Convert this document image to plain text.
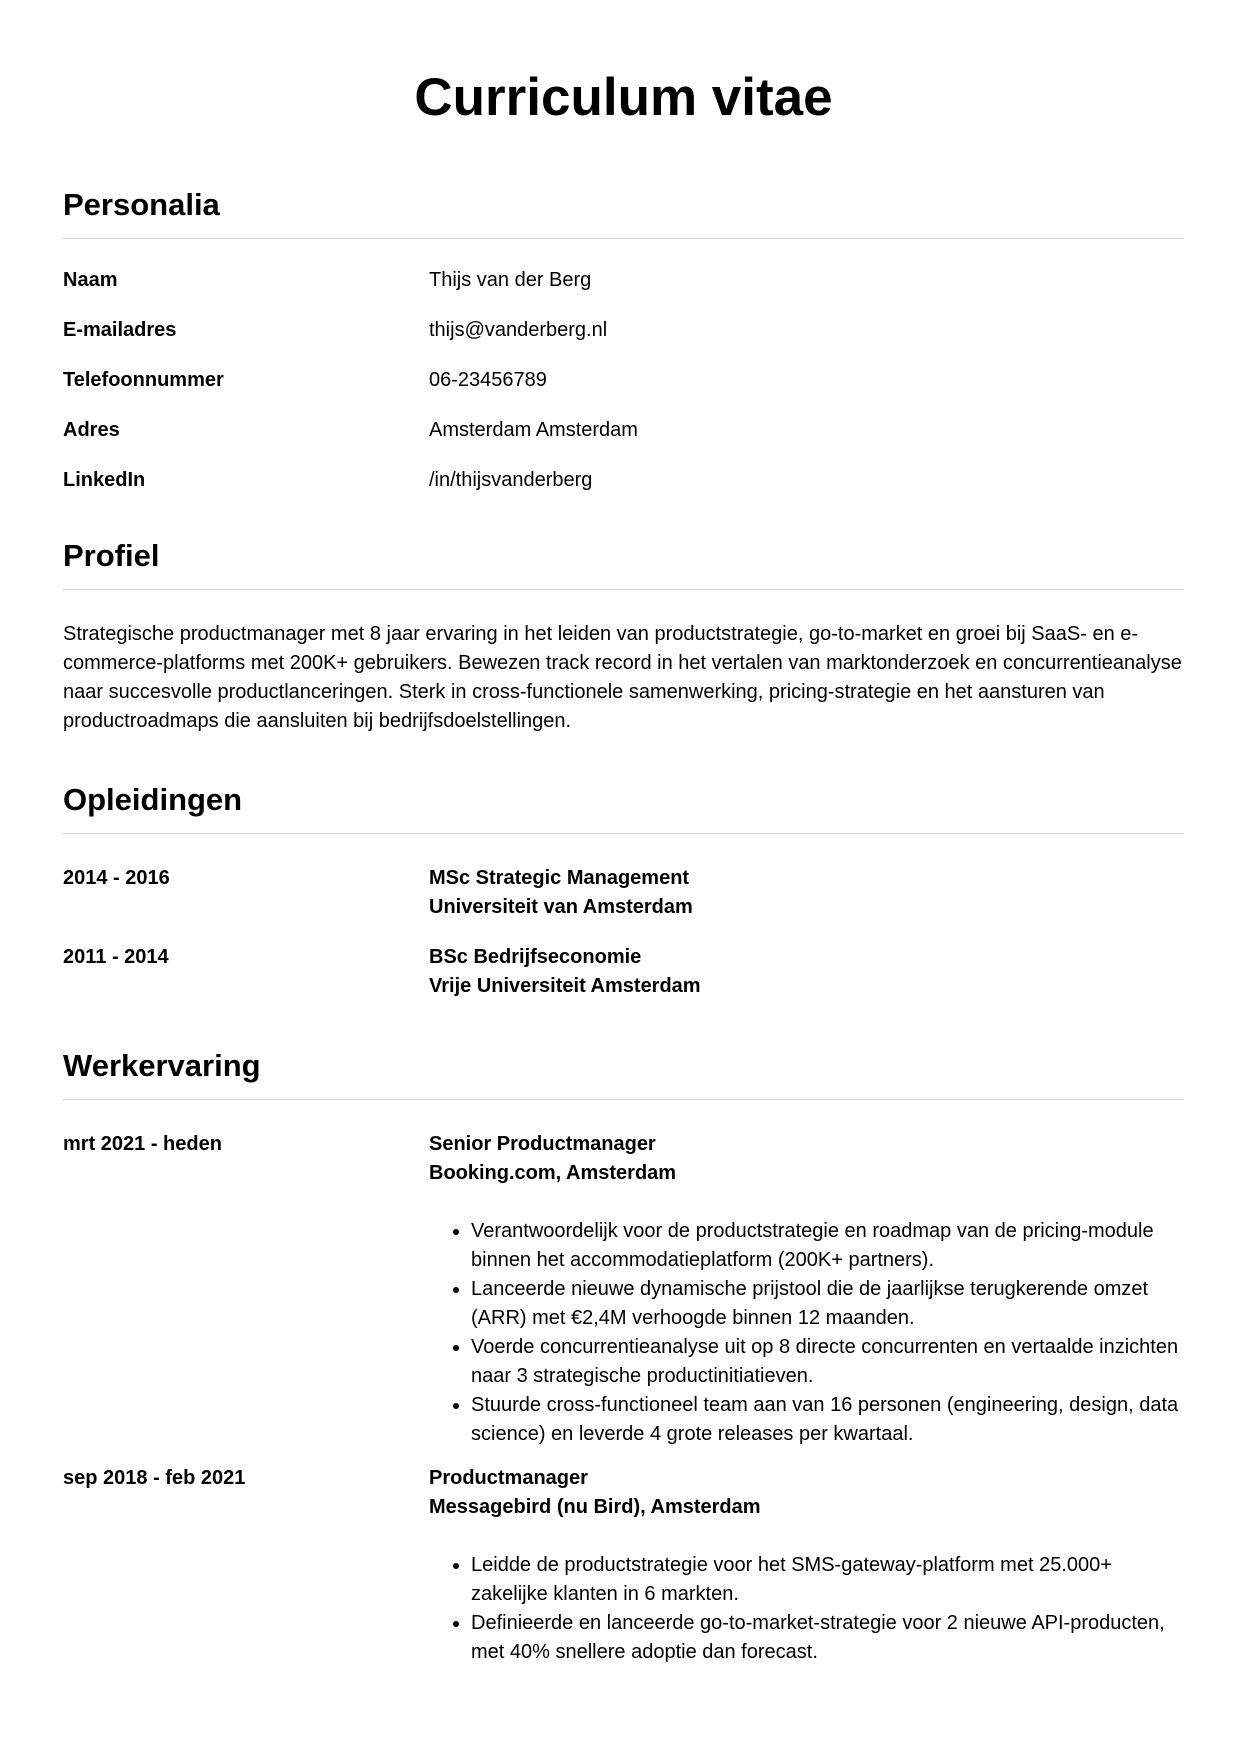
Curriculum vitae
Personalia
Naam	Thijs van der Berg
E-mailadres	thijs@vanderberg.nl
Telefoonnummer	06-23456789
Adres	Amsterdam Amsterdam
LinkedIn	/in/thijsvanderberg
Profiel

Strategische productmanager met 8 jaar ervaring in het leiden van productstrategie, go-to-market en groei bij SaaS- en e-commerce-platforms met 200K+ gebruikers. Bewezen track record in het vertalen van marktonderzoek en concurrentieanalyse naar succesvolle productlanceringen. Sterk in cross-functionele samenwerking, pricing-strategie en het aansturen van productroadmaps die aansluiten bij bedrijfsdoelstellingen.

Opleidingen
2014 - 2016	MSc Strategic Management
Universiteit van Amsterdam
2011 - 2014	BSc Bedrijfseconomie
Vrije Universiteit Amsterdam
Werkervaring
mrt 2021 - heden	Senior Productmanager
Booking.com, Amsterdam
• Verantwoordelijk voor de productstrategie en roadmap van de pricing-module binnen het accommodatieplatform (200K+ partners).
• Lanceerde nieuwe dynamische prijstool die de jaarlijkse terugkerende omzet (ARR) met €2,4M verhoogde binnen 12 maanden.
• Voerde concurrentieanalyse uit op 8 directe concurrenten en vertaalde inzichten naar 3 strategische productinitiatieven.
• Stuurde cross-functioneel team aan van 16 personen (engineering, design, data science) en leverde 4 grote releases per kwartaal.
sep 2018 - feb 2021	Productmanager
Messagebird (nu Bird), Amsterdam
• Leidde de productstrategie voor het SMS-gateway-platform met 25.000+ zakelijke klanten in 6 markten.
• Definieerde en lanceerde go-to-market-strategie voor 2 nieuwe API-producten, met 40% snellere adoptie dan forecast.
